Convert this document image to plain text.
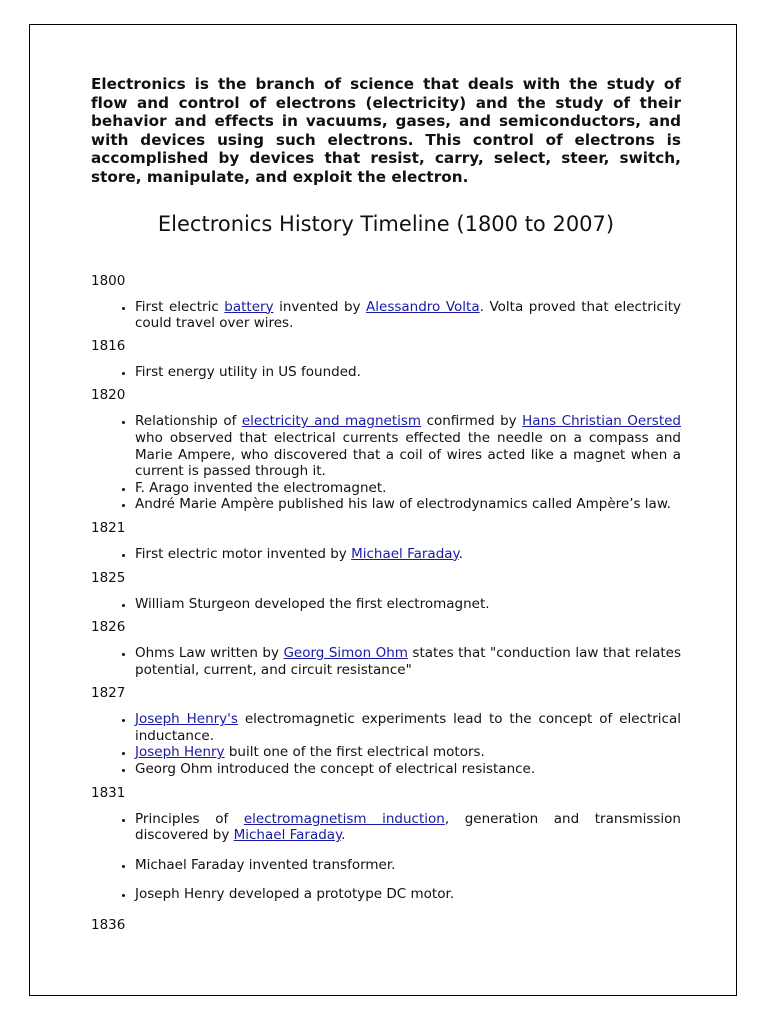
Electronics is the branch of science that deals with the study of flow and control of electrons (electricity) and the study of their behavior and effects in vacuums, gases, and semiconductors, and with devices using such electrons. This control of electrons is accomplished by devices that resist, carry, select, steer, switch, store, manipulate, and exploit the electron.

Electronics History Timeline (1800 to 2007)
1800
• First electric battery invented by Alessandro Volta. Volta proved that electricity could travel over wires.
1816
• First energy utility in US founded.
1820
• Relationship of electricity and magnetism confirmed by Hans Christian Oersted who observed that electrical currents effected the needle on a compass and Marie Ampere, who discovered that a coil of wires acted like a magnet when a current is passed through it.
• F. Arago invented the electromagnet.
• André Marie Ampère published his law of electrodynamics called Ampère’s law.
1821
• First electric motor invented by Michael Faraday.
1825
• William Sturgeon developed the first electromagnet.
1826
• Ohms Law written by Georg Simon Ohm states that "conduction law that relates potential, current, and circuit resistance"
1827
• Joseph Henry's electromagnetic experiments lead to the concept of electrical inductance.
• Joseph Henry built one of the first electrical motors.
• Georg Ohm introduced the concept of electrical resistance.
1831
• Principles of electromagnetism induction, generation and transmission discovered by Michael Faraday.
• Michael Faraday invented transformer.
• Joseph Henry developed a prototype DC motor.
1836
